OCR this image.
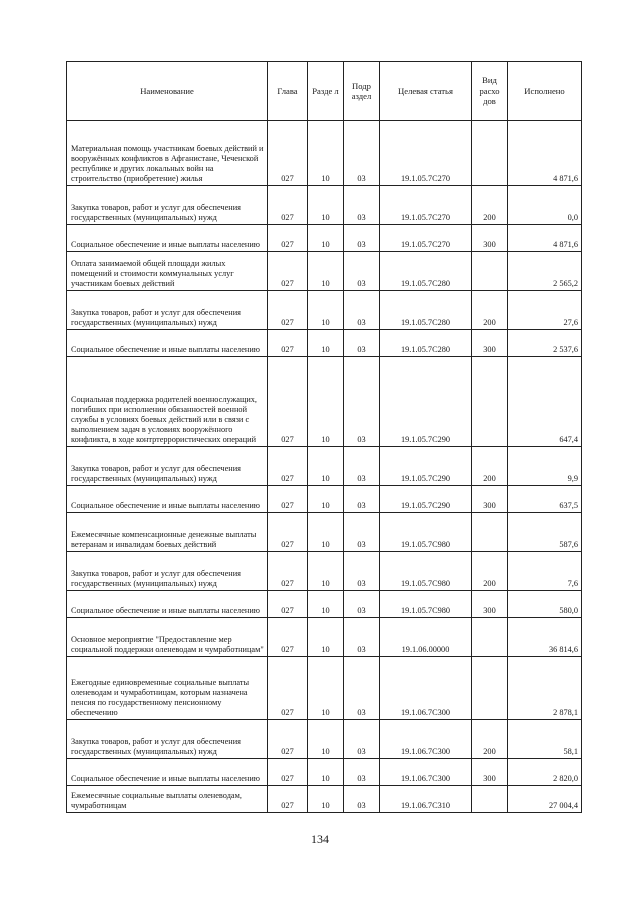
Наименование	Глава	Разде л	Подр аздел	Целевая статья	Вид расхо дов	Исполнено
Материальная помощь участникам боевых действий и вооружённых конфликтов в Афганистане, Чеченской республике и других локальных войн на строительство (приобретение) жилья	027	10	03	19.1.05.7С270		4 871,6
Закупка товаров, работ и услуг для обеспечения государственных (муниципальных) нужд	027	10	03	19.1.05.7С270	200	0,0
Социальное обеспечение и иные выплаты населению	027	10	03	19.1.05.7С270	300	4 871,6
Оплата занимаемой общей площади жилых помещений и стоимости коммунальных услуг участникам боевых действий	027	10	03	19.1.05.7С280		2 565,2
Закупка товаров, работ и услуг для обеспечения государственных (муниципальных) нужд	027	10	03	19.1.05.7С280	200	27,6
Социальное обеспечение и иные выплаты населению	027	10	03	19.1.05.7С280	300	2 537,6
Социальная поддержка родителей военнослужащих, погибших при исполнении обязанностей военной службы в условиях боевых действий или в связи с выполнением задач в условиях вооружённого конфликта, в ходе контртеррористических операций	027	10	03	19.1.05.7С290		647,4
Закупка товаров, работ и услуг для обеспечения государственных (муниципальных) нужд	027	10	03	19.1.05.7С290	200	9,9
Социальное обеспечение и иные выплаты населению	027	10	03	19.1.05.7С290	300	637,5
Ежемесячные компенсационные денежные выплаты ветеранам и инвалидам боевых действий	027	10	03	19.1.05.7С980		587,6
Закупка товаров, работ и услуг для обеспечения государственных (муниципальных) нужд	027	10	03	19.1.05.7С980	200	7,6
Социальное обеспечение и иные выплаты населению	027	10	03	19.1.05.7С980	300	580,0
Основное мероприятие "Предоставление мер социальной поддержки оленеводам и чумработницам"	027	10	03	19.1.06.00000		36 814,6
Ежегодные единовременные социальные выплаты оленеводам и чумработницам, которым назначена пенсия по государственному пенсионному обеспечению	027	10	03	19.1.06.7С300		2 878,1
Закупка товаров, работ и услуг для обеспечения государственных (муниципальных) нужд	027	10	03	19.1.06.7С300	200	58,1
Социальное обеспечение и иные выплаты населению	027	10	03	19.1.06.7С300	300	2 820,0
Ежемесячные социальные выплаты оленеводам, чумработницам	027	10	03	19.1.06.7С310		27 004,4
134
